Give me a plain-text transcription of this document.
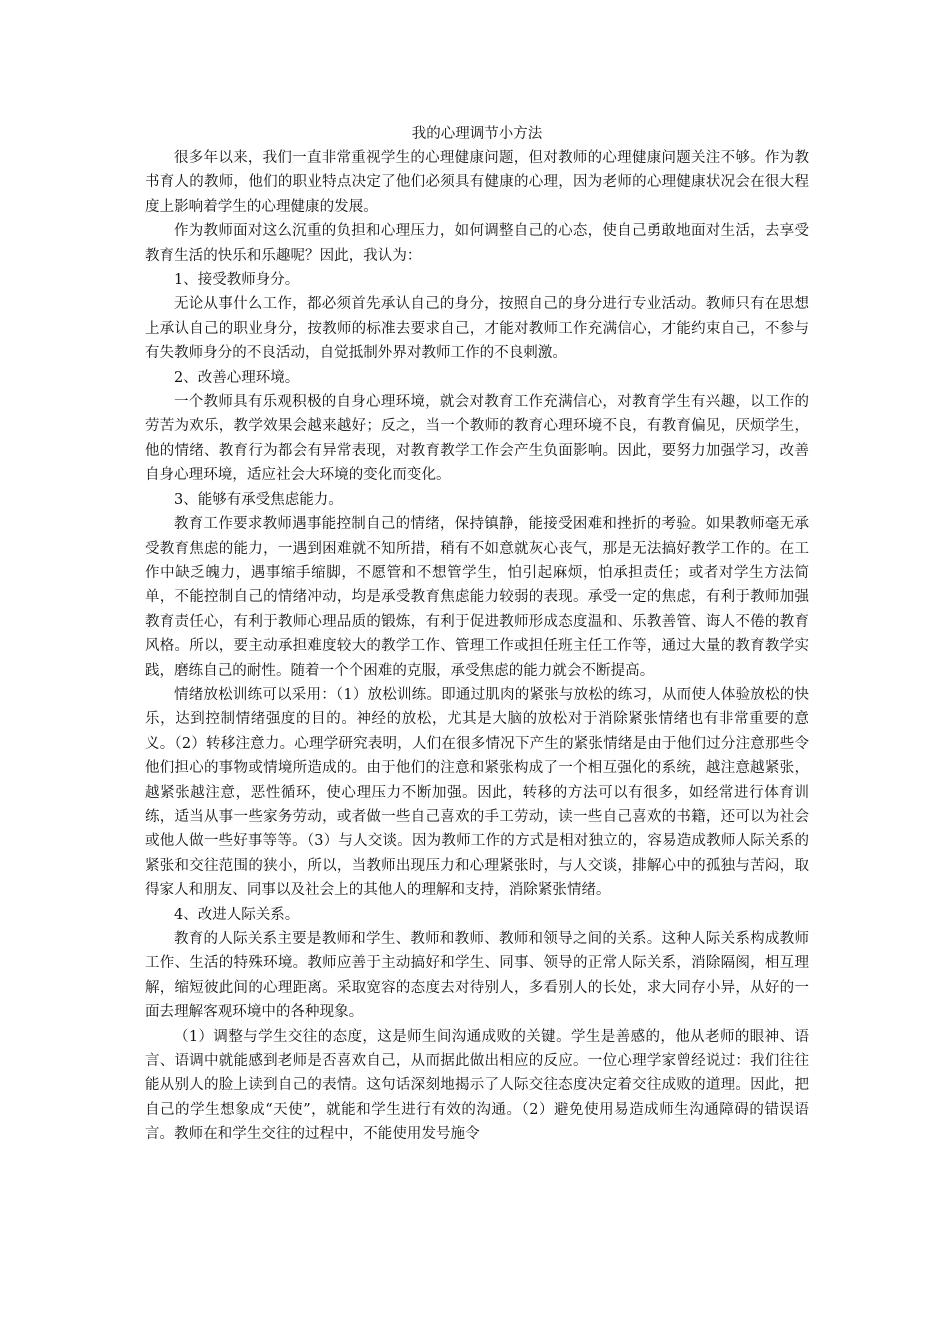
我的心理调节小方法

很多年以来，我们一直非常重视学生的心理健康问题，但对教师的心理健康问题关注不够。作为教书育人的教师，他们的职业特点决定了他们必须具有健康的心理，因为老师的心理健康状况会在很大程度上影响着学生的心理健康的发展。

作为教师面对这么沉重的负担和心理压力，如何调整自己的心态，使自己勇敢地面对生活，去享受教育生活的快乐和乐趣呢？因此，我认为：

1、接受教师身分。

无论从事什么工作，都必须首先承认自己的身分，按照自己的身分进行专业活动。教师只有在思想上承认自己的职业身分，按教师的标准去要求自己，才能对教师工作充满信心，才能约束自己，不参与有失教师身分的不良活动，自觉抵制外界对教师工作的不良刺激。

2、改善心理环境。

一个教师具有乐观积极的自身心理环境，就会对教育工作充满信心，对教育学生有兴趣，以工作的劳苦为欢乐，教学效果会越来越好；反之，当一个教师的教育心理环境不良，有教育偏见，厌烦学生，他的情绪、教育行为都会有异常表现，对教育教学工作会产生负面影响。因此，要努力加强学习，改善自身心理环境，适应社会大环境的变化而变化。

3、能够有承受焦虑能力。

教育工作要求教师遇事能控制自己的情绪，保持镇静，能接受困难和挫折的考验。如果教师毫无承受教育焦虑的能力，一遇到困难就不知所措，稍有不如意就灰心丧气，那是无法搞好教学工作的。在工作中缺乏魄力，遇事缩手缩脚，不愿管和不想管学生，怕引起麻烦，怕承担责任；或者对学生方法简单，不能控制自己的情绪冲动，均是承受教育焦虑能力较弱的表现。承受一定的焦虑，有利于教师加强教育责任心，有利于教师心理品质的锻炼，有利于促进教师形成态度温和、乐教善管、诲人不倦的教育风格。所以，要主动承担难度较大的教学工作、管理工作或担任班主任工作等，通过大量的教育教学实践，磨练自己的耐性。随着一个个困难的克服，承受焦虑的能力就会不断提高。

情绪放松训练可以采用：（1）放松训练。即通过肌肉的紧张与放松的练习，从而使人体验放松的快乐，达到控制情绪强度的目的。神经的放松，尤其是大脑的放松对于消除紧张情绪也有非常重要的意义。（2）转移注意力。心理学研究表明，人们在很多情况下产生的紧张情绪是由于他们过分注意那些令他们担心的事物或情境所造成的。由于他们的注意和紧张构成了一个相互强化的系统，越注意越紧张，越紧张越注意，恶性循环，使心理压力不断加强。因此，转移的方法可以有很多，如经常进行体育训练，适当从事一些家务劳动，或者做一些自己喜欢的手工劳动，读一些自己喜欢的书籍，还可以为社会或他人做一些好事等等。（3）与人交谈。因为教师工作的方式是相对独立的，容易造成教师人际关系的紧张和交往范围的狭小，所以，当教师出现压力和心理紧张时，与人交谈，排解心中的孤独与苦闷，取得家人和朋友、同事以及社会上的其他人的理解和支持，消除紧张情绪。

4、改进人际关系。

教育的人际关系主要是教师和学生、教师和教师、教师和领导之间的关系。这种人际关系构成教师工作、生活的特殊环境。教师应善于主动搞好和学生、同事、领导的正常人际关系，消除隔阂，相互理解，缩短彼此间的心理距离。采取宽容的态度去对待别人，多看别人的长处，求大同存小异，从好的一面去理解客观环境中的各种现象。

（1）调整与学生交往的态度，这是师生间沟通成败的关键。学生是善感的，他从老师的眼神、语言、语调中就能感到老师是否喜欢自己，从而据此做出相应的反应。一位心理学家曾经说过：我们往往能从别人的脸上读到自己的表情。这句话深刻地揭示了人际交往态度决定着交往成败的道理。因此，把自己的学生想象成“天使”，就能和学生进行有效的沟通。（2）避免使用易造成师生沟通障碍的错误语言。教师在和学生交往的过程中，不能使用发号施令
